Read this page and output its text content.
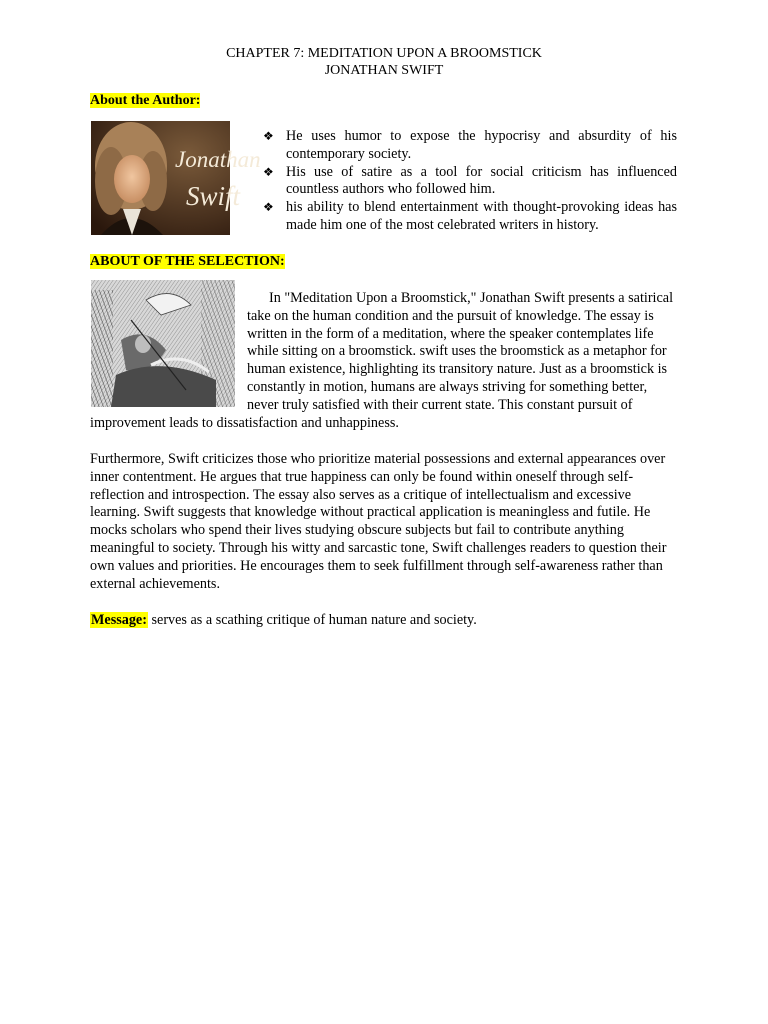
CHAPTER 7: MEDITATION UPON A BROOMSTICK
JONATHAN SWIFT
About the Author:
Jonathan
Swift
❖ He uses humor to expose the hypocrisy and absurdity of his contemporary society.
❖ His use of satire as a tool for social criticism has influenced countless authors who followed him.
❖ his ability to blend entertainment with thought-provoking ideas has made him one of the most celebrated writers in history.
ABOUT OF THE SELECTION:

In "Meditation Upon a Broomstick," Jonathan Swift presents a satirical take on the human condition and the pursuit of knowledge. The essay is written in the form of a meditation, where the speaker contemplates life while sitting on a broomstick. swift uses the broomstick as a metaphor for human existence, highlighting its transitory nature. Just as a broomstick is constantly in motion, humans are always striving for something better, never truly satisfied with their current state. This constant pursuit of improvement leads to dissatisfaction and unhappiness.

Furthermore, Swift criticizes those who prioritize material possessions and external appearances over inner contentment. He argues that true happiness can only be found within oneself through self-reflection and introspection. The essay also serves as a critique of intellectualism and excessive learning. Swift suggests that knowledge without practical application is meaningless and futile. He mocks scholars who spend their lives studying obscure subjects but fail to contribute anything meaningful to society. Through his witty and sarcastic tone, Swift challenges readers to question their own values and priorities. He encourages them to seek fulfillment through self-awareness rather than external achievements.

Message: serves as a scathing critique of human nature and society.
